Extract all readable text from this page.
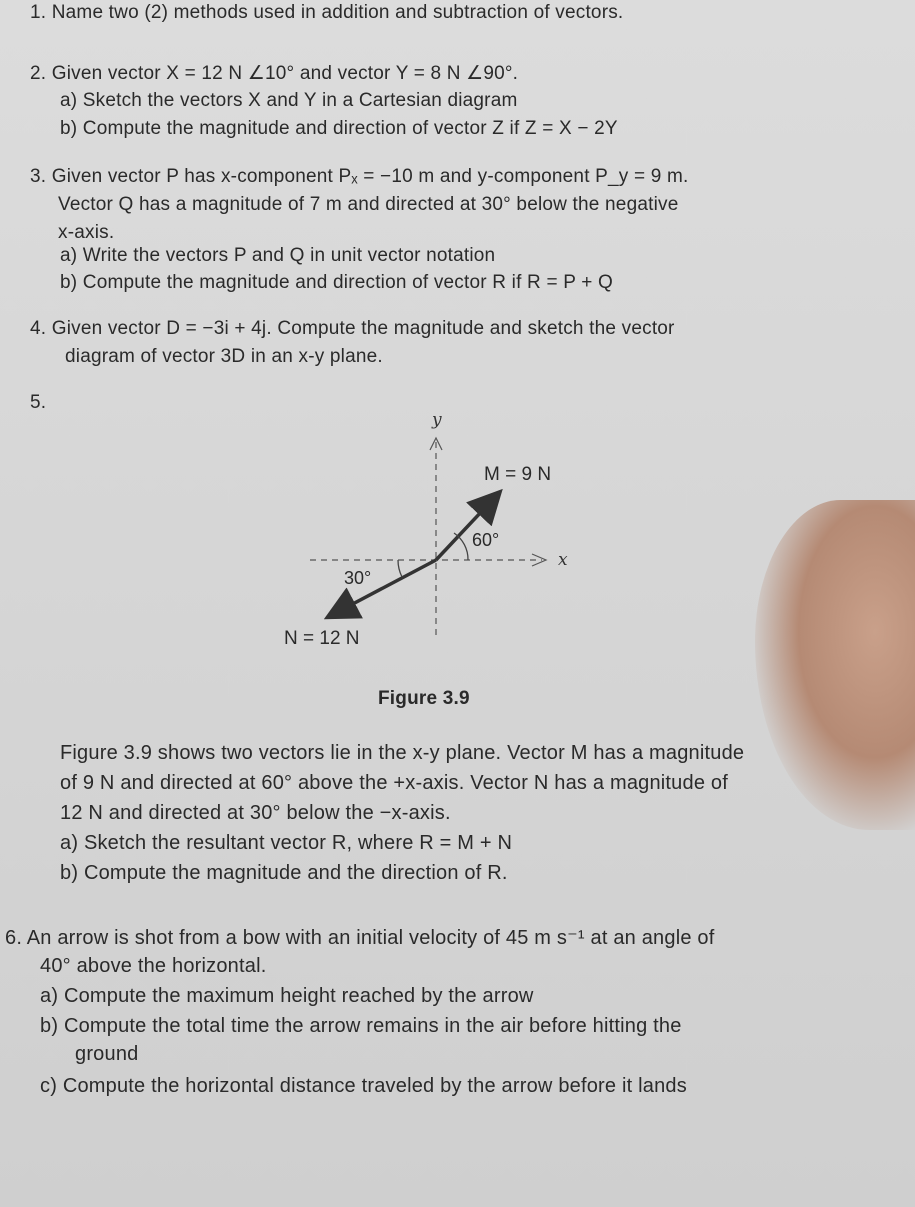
1. Name two (2) methods used in addition and subtraction of vectors.
2. Given vector X = 12 N ∠10° and vector Y = 8 N ∠90°.
a) Sketch the vectors X and Y in a Cartesian diagram
b) Compute the magnitude and direction of vector Z if Z = X − 2Y
3. Given vector P has x-component Pₓ = −10 m and y-component P_y = 9 m.
Vector Q has a magnitude of 7 m and directed at 30° below the negative
x-axis.
a) Write the vectors P and Q in unit vector notation
b) Compute the magnitude and direction of vector R if R = P + Q
4. Given vector D = −3i + 4j. Compute the magnitude and sketch the vector
diagram of vector 3D in an x-y plane.
5.
y
x
M = 9 N
60°
30°
N = 12 N
Figure 3.9
Figure 3.9 shows two vectors lie in the x-y plane. Vector M has a magnitude
of 9 N and directed at 60° above the +x-axis. Vector N has a magnitude of
12 N and directed at 30° below the −x-axis.
a) Sketch the resultant vector R, where R = M + N
b) Compute the magnitude and the direction of R.
6. An arrow is shot from a bow with an initial velocity of 45 m s⁻¹ at an angle of
40° above the horizontal.
a) Compute the maximum height reached by the arrow
b) Compute the total time the arrow remains in the air before hitting the
ground
c) Compute the horizontal distance traveled by the arrow before it lands
